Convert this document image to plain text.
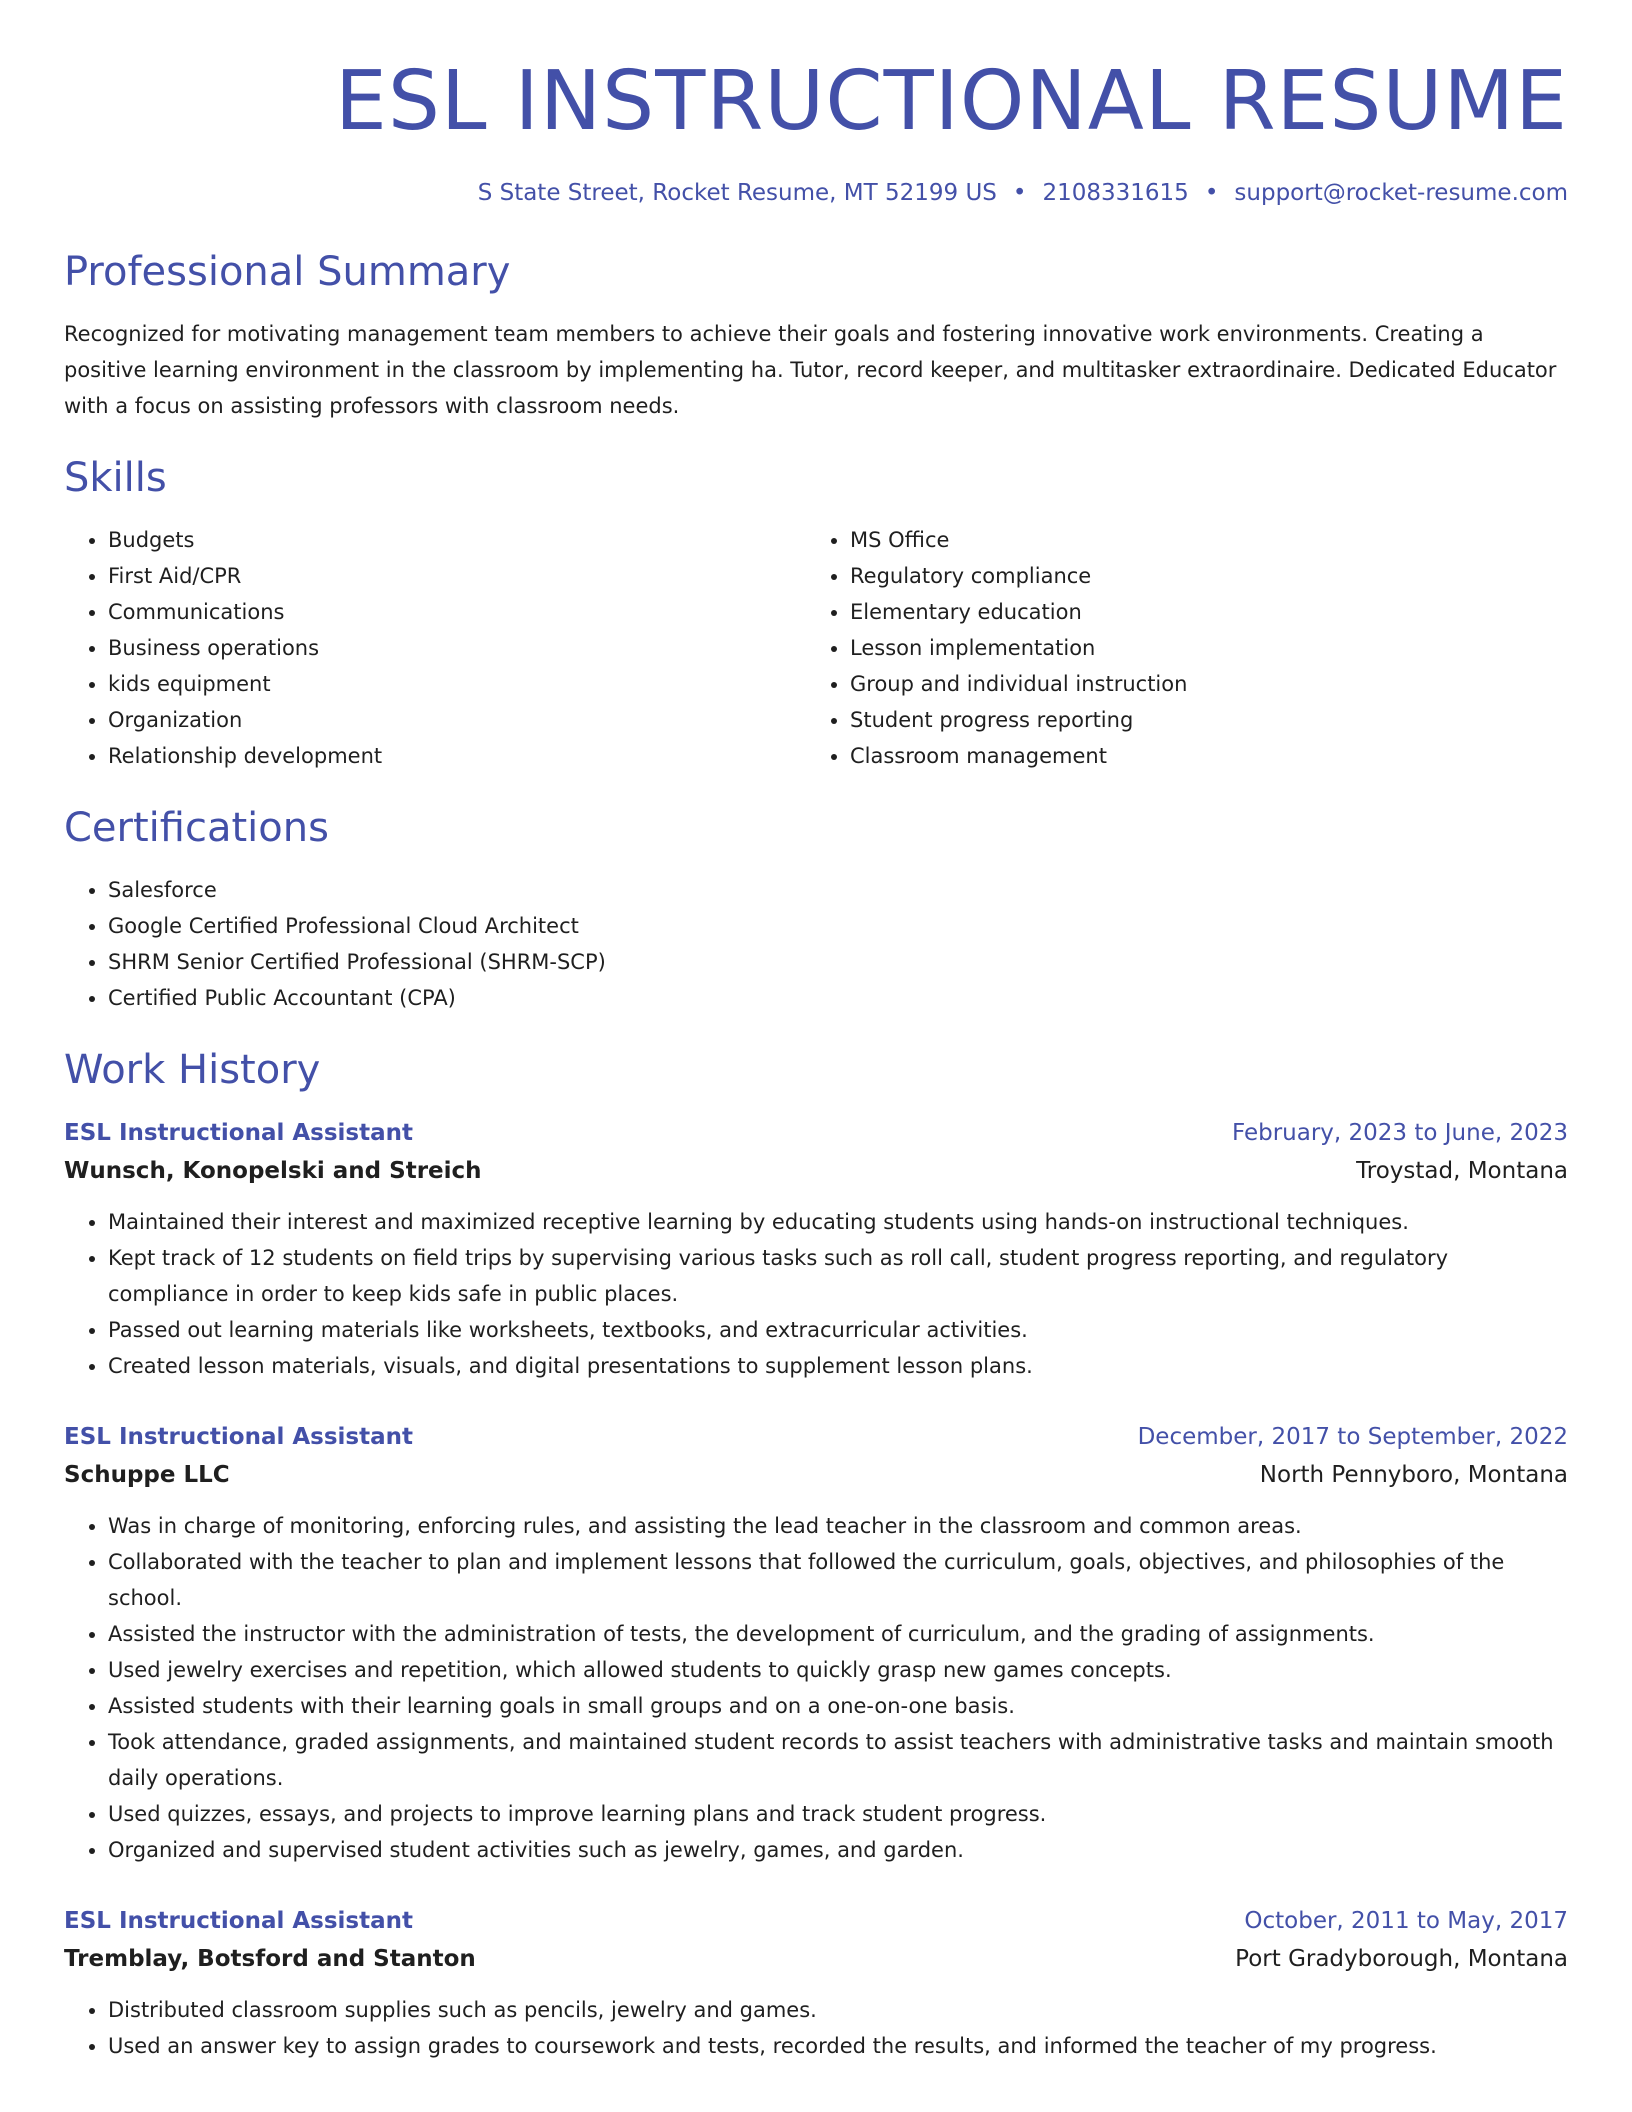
ESL INSTRUCTIONAL RESUME
S State Street, Rocket Resume, MT 52199 US • 2108331615 • support@rocket-resume.com
Professional Summary
Recognized for motivating management team members to achieve their goals and fostering innovative work environments. Creating a positive learning environment in the classroom by implementing ha. Tutor, record keeper, and multitasker extraordinaire. Dedicated Educator with a focus on assisting professors with classroom needs.
Skills
• Budgets
• First Aid/CPR
• Communications
• Business operations
• kids equipment
• Organization
• Relationship development
• MS Office
• Regulatory compliance
• Elementary education
• Lesson implementation
• Group and individual instruction
• Student progress reporting
• Classroom management
Certifications
• Salesforce
• Google Certified Professional Cloud Architect
• SHRM Senior Certified Professional (SHRM-SCP)
• Certified Public Accountant (CPA)
Work History
ESL Instructional Assistant	February, 2023 to June, 2023
Wunsch, Konopelski and Streich	Troystad, Montana
• Maintained their interest and maximized receptive learning by educating students using hands-on instructional techniques.
• Kept track of 12 students on field trips by supervising various tasks such as roll call, student progress reporting, and regulatory compliance in order to keep kids safe in public places.
• Passed out learning materials like worksheets, textbooks, and extracurricular activities.
• Created lesson materials, visuals, and digital presentations to supplement lesson plans.
ESL Instructional Assistant	December, 2017 to September, 2022
Schuppe LLC	North Pennyboro, Montana
• Was in charge of monitoring, enforcing rules, and assisting the lead teacher in the classroom and common areas.
• Collaborated with the teacher to plan and implement lessons that followed the curriculum, goals, objectives, and philosophies of the school.
• Assisted the instructor with the administration of tests, the development of curriculum, and the grading of assignments.
• Used jewelry exercises and repetition, which allowed students to quickly grasp new games concepts.
• Assisted students with their learning goals in small groups and on a one-on-one basis.
• Took attendance, graded assignments, and maintained student records to assist teachers with administrative tasks and maintain smooth daily operations.
• Used quizzes, essays, and projects to improve learning plans and track student progress.
• Organized and supervised student activities such as jewelry, games, and garden.
ESL Instructional Assistant	October, 2011 to May, 2017
Tremblay, Botsford and Stanton	Port Gradyborough, Montana
• Distributed classroom supplies such as pencils, jewelry and games.
• Used an answer key to assign grades to coursework and tests, recorded the results, and informed the teacher of my progress.
